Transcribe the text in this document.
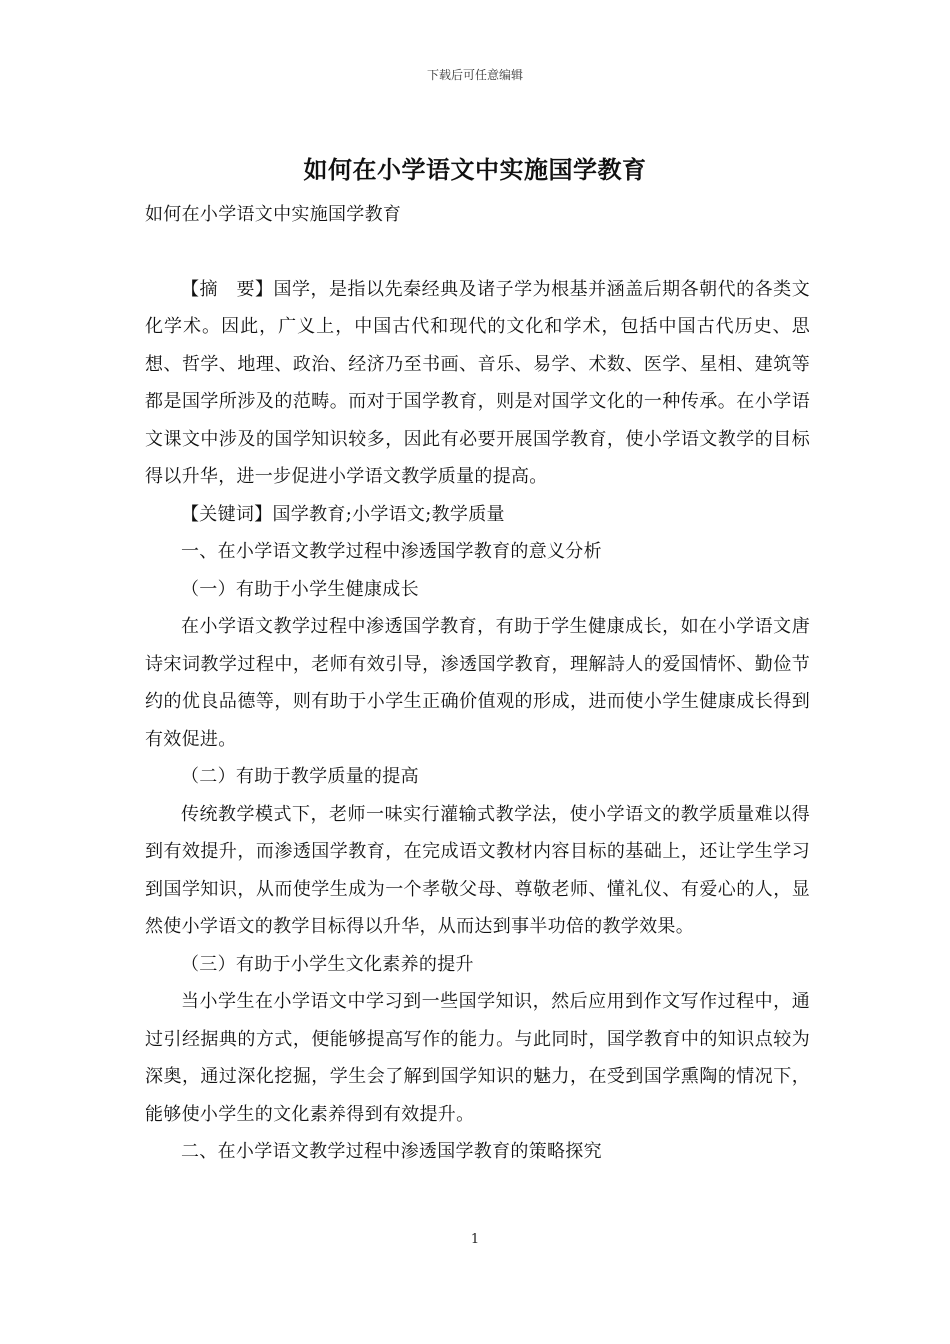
下载后可任意编辑
如何在小学语文中实施国学教育

如何在小学语文中实施国学教育

【摘　要】国学，是指以先秦经典及诸子学为根基并涵盖后期各朝代的各类文化学术。因此，广义上，中国古代和现代的文化和学术，包括中国古代历史、思想、哲学、地理、政治、经济乃至书画、音乐、易学、术数、医学、星相、建筑等都是国学所涉及的范畴。而对于国学教育，则是对国学文化的一种传承。在小学语文课文中涉及的国学知识较多，因此有必要开展国学教育，使小学语文教学的目标得以升华，进一步促进小学语文教学质量的提高。

【关键词】国学教育;小学语文;教学质量

一、在小学语文教学过程中渗透国学教育的意义分析

（一）有助于小学生健康成长

在小学语文教学过程中渗透国学教育，有助于学生健康成长，如在小学语文唐诗宋词教学过程中，老师有效引导，渗透国学教育，理解詩人的爱国情怀、勤俭节约的优良品德等，则有助于小学生正确价值观的形成，进而使小学生健康成长得到有效促进。

（二）有助于教学质量的提高

传统教学模式下，老师一味实行灌输式教学法，使小学语文的教学质量难以得到有效提升，而渗透国学教育，在完成语文教材内容目标的基础上，还让学生学习到国学知识，从而使学生成为一个孝敬父母、尊敬老师、懂礼仪、有爱心的人，显然使小学语文的教学目标得以升华，从而达到事半功倍的教学效果。

（三）有助于小学生文化素养的提升

当小学生在小学语文中学习到一些国学知识，然后应用到作文写作过程中，通过引经据典的方式，便能够提高写作的能力。与此同时，国学教育中的知识点较为深奥，通过深化挖掘，学生会了解到国学知识的魅力，在受到国学熏陶的情况下，能够使小学生的文化素养得到有效提升。

二、在小学语文教学过程中渗透国学教育的策略探究

1
